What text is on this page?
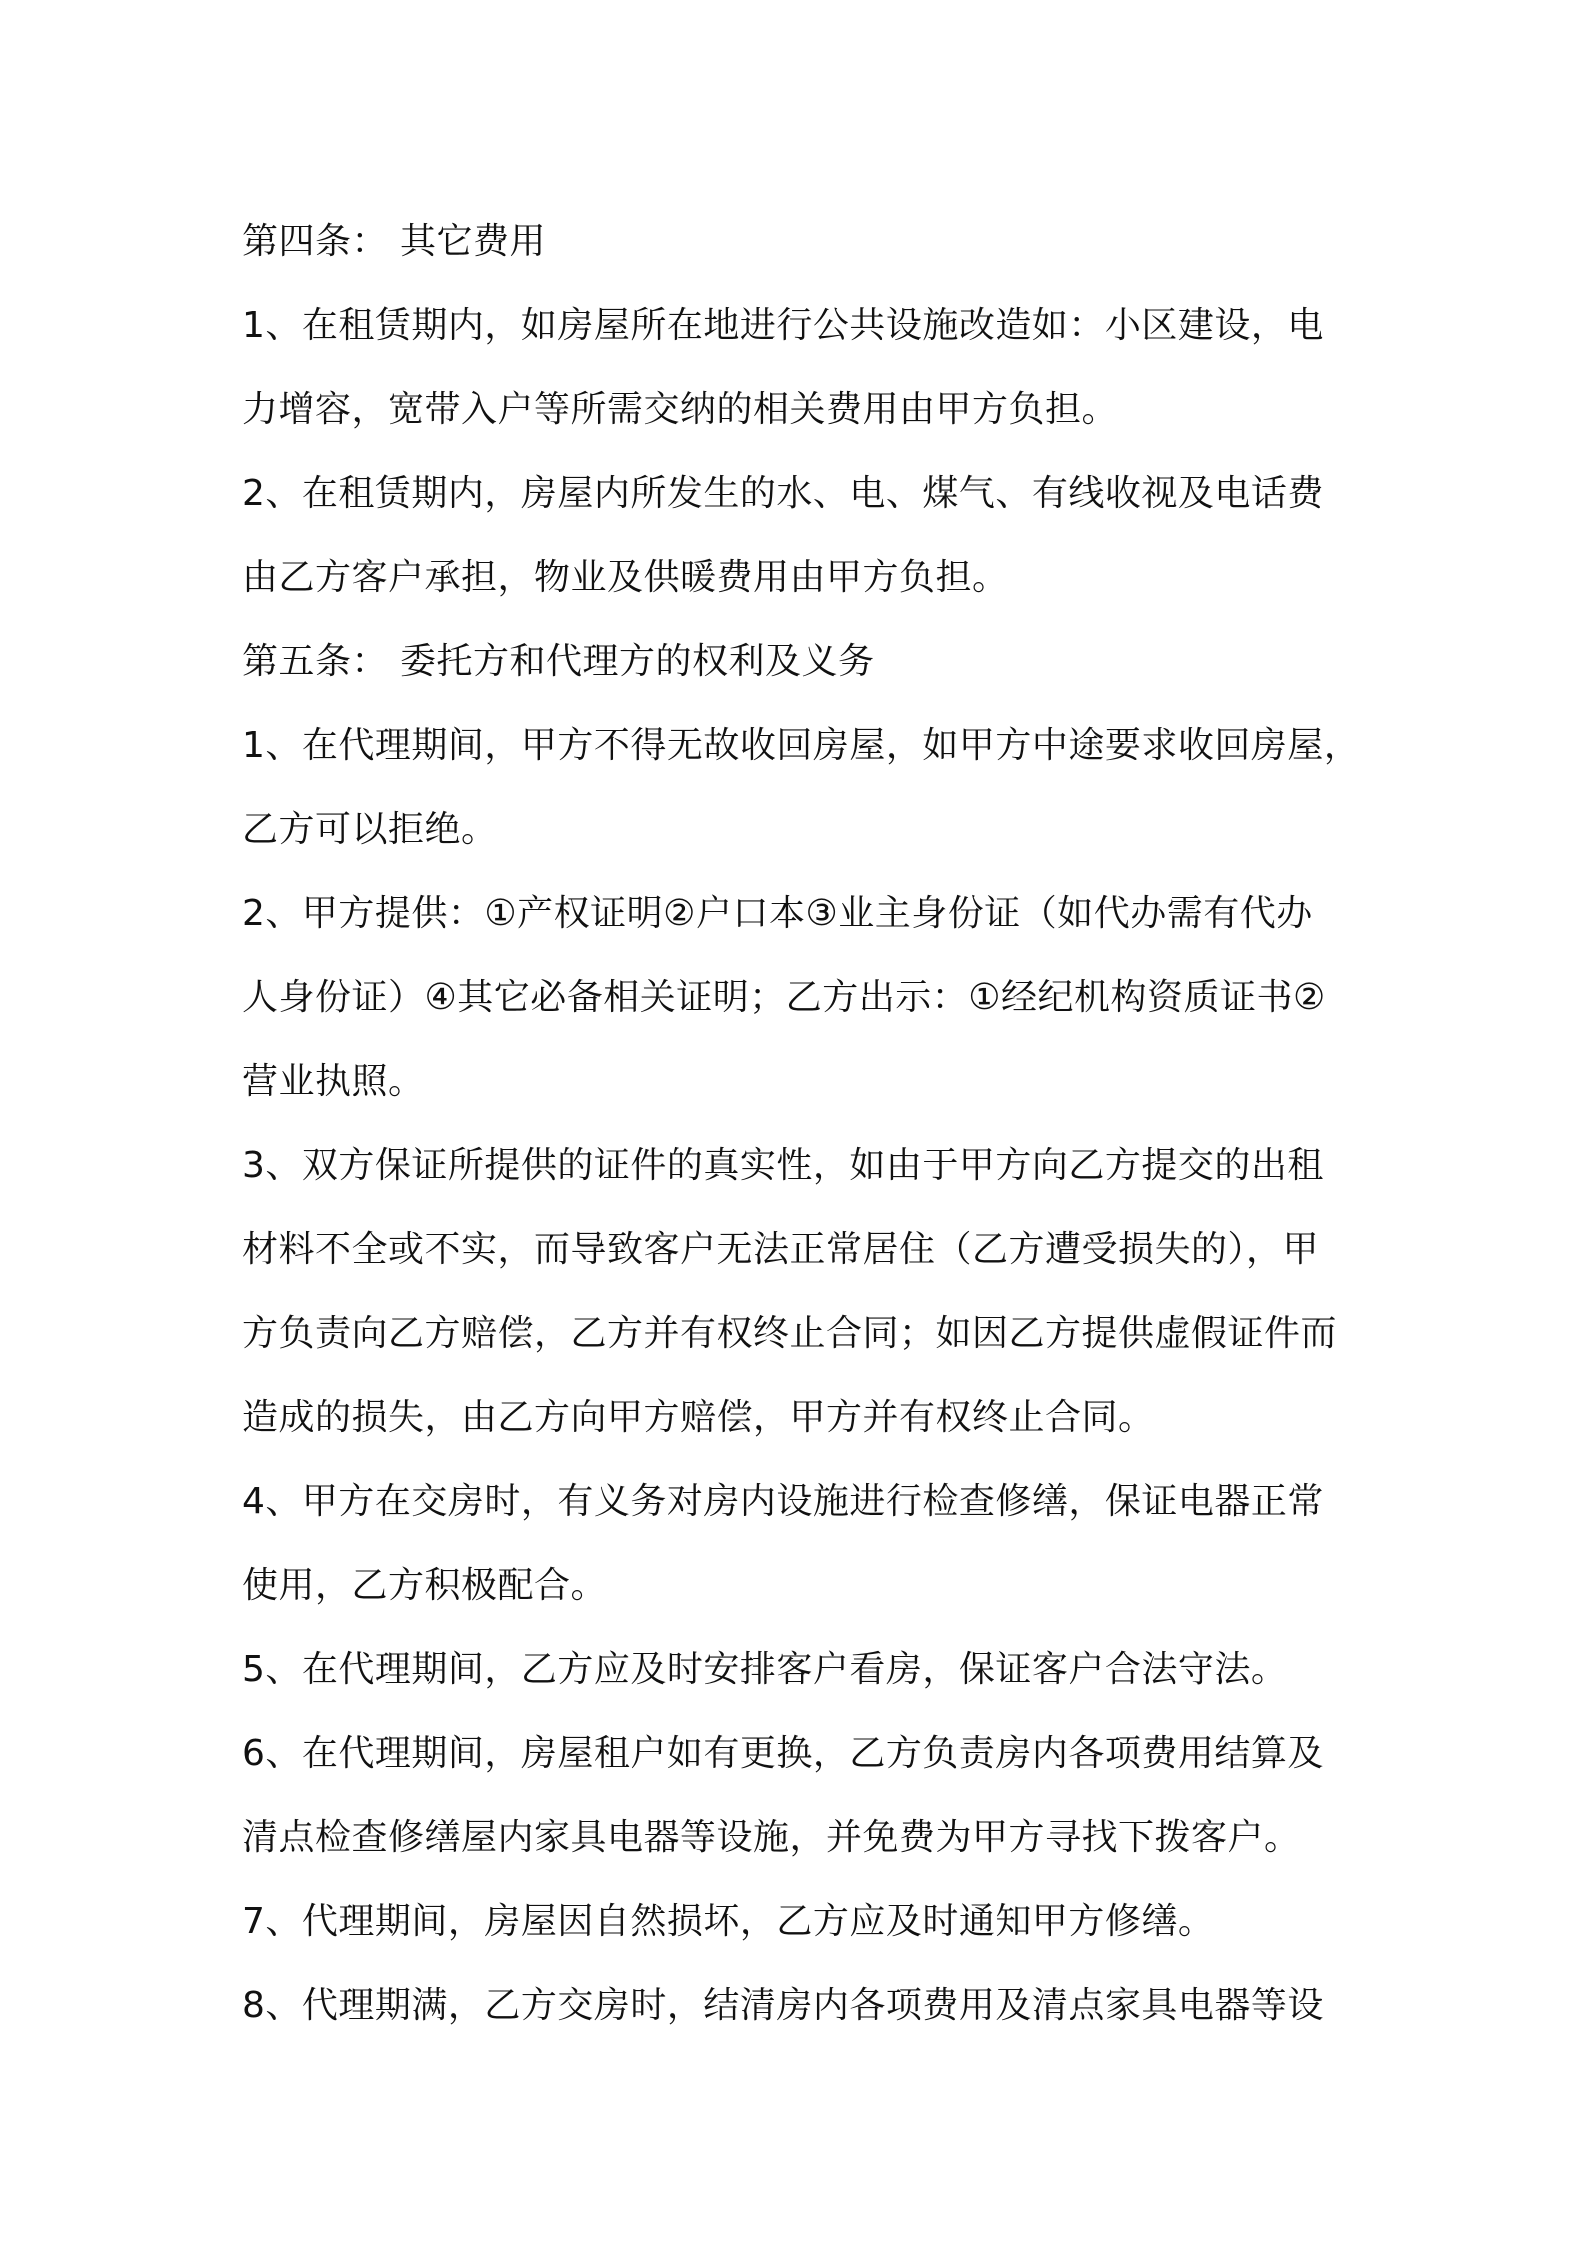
第四条： 其它费用
1、在租赁期内，如房屋所在地进行公共设施改造如：小区建设，电
力增容，宽带入户等所需交纳的相关费用由甲方负担。
2、在租赁期内，房屋内所发生的水、电、煤气、有线收视及电话费
由乙方客户承担，物业及供暖费用由甲方负担。
第五条： 委托方和代理方的权利及义务
1、在代理期间，甲方不得无故收回房屋，如甲方中途要求收回房屋，
乙方可以拒绝。
2、甲方提供：①产权证明②户口本③业主身份证（如代办需有代办
人身份证）④其它必备相关证明；乙方出示：①经纪机构资质证书②
营业执照。
3、双方保证所提供的证件的真实性，如由于甲方向乙方提交的出租
材料不全或不实，而导致客户无法正常居住（乙方遭受损失的），甲
方负责向乙方赔偿，乙方并有权终止合同；如因乙方提供虚假证件而
造成的损失，由乙方向甲方赔偿，甲方并有权终止合同。
4、甲方在交房时，有义务对房内设施进行检查修缮，保证电器正常
使用，乙方积极配合。
5、在代理期间，乙方应及时安排客户看房，保证客户合法守法。
6、在代理期间，房屋租户如有更换，乙方负责房内各项费用结算及
清点检查修缮屋内家具电器等设施，并免费为甲方寻找下拨客户。
7、代理期间，房屋因自然损坏，乙方应及时通知甲方修缮。
8、代理期满，乙方交房时，结清房内各项费用及清点家具电器等设
